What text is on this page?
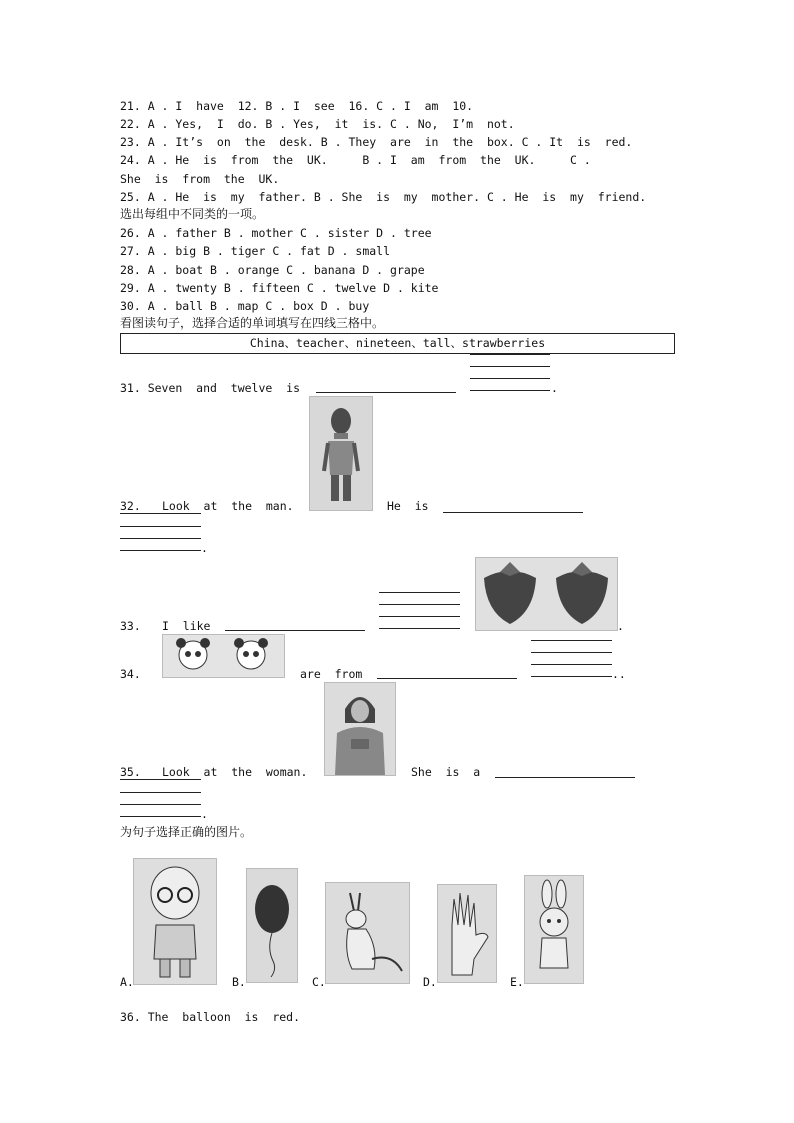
21. A . I  have  12. B . I  see  16. C . I  am  10.
22. A . Yes,  I  do. B . Yes,  it  is. C . No,  I’m  not.
23. A . It’s  on  the  desk. B . They  are  in  the  box. C . It  is  red.
24. A . He  is  from  the  UK.     B . I  am  from  the  UK.     C .
She  is  from  the  UK.
25. A . He  is  my  father. B . She  is  my  mother. C . He  is  my  friend.
选出每组中不同类的一项。
26. A . father B . mother C . sister D . tree
27. A . big B . tiger C . fat D . small
28. A . boat B . orange C . banana D . grape
29. A . twenty B . fifteen C . twelve D . kite
30. A . ball B . map C . box D . buy
看图读句子，选择合适的单词填写在四线三格中。
China、teacher、nineteen、tall、strawberries
31. Seven  and  twelve  is	.
32. Look  at  the  man.	He  is
.
33. I  like	.
34.	are  from	..
35. Look  at  the  woman.	She  is  a
.
为句子选择正确的图片。
A.	B.	C.	D.	E.
36. The  balloon  is  red.
